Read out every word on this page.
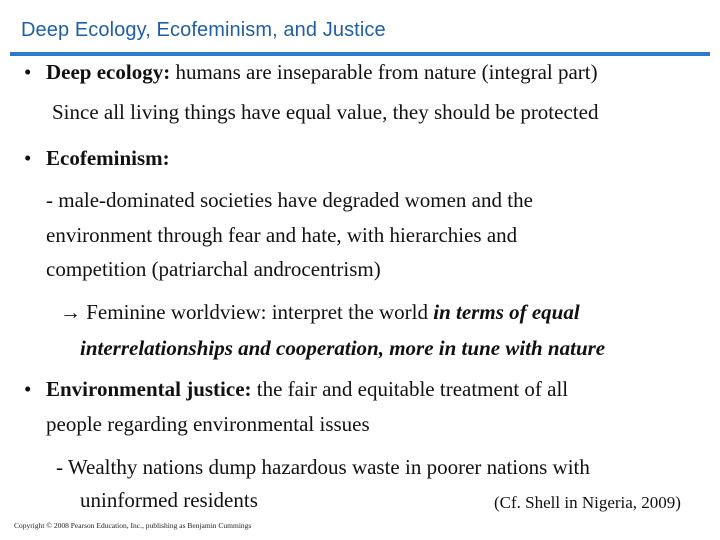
Deep Ecology, Ecofeminism, and Justice
• Deep ecology: humans are inseparable from nature (integral part)
Since all living things have equal value, they should be protected
• Ecofeminism:
- male-dominated societies have degraded women and the
environment through fear and hate, with hierarchies and
competition (patriarchal androcentrism)
→ Feminine worldview: interpret the world in terms of equal
interrelationships and cooperation, more in tune with nature
• Environmental justice: the fair and equitable treatment of all
people regarding environmental issues
- Wealthy nations dump hazardous waste in poorer nations with
uninformed residents	(Cf. Shell in Nigeria, 2009)
Copyright © 2008 Pearson Education, Inc., publishing as Benjamin Cummings
